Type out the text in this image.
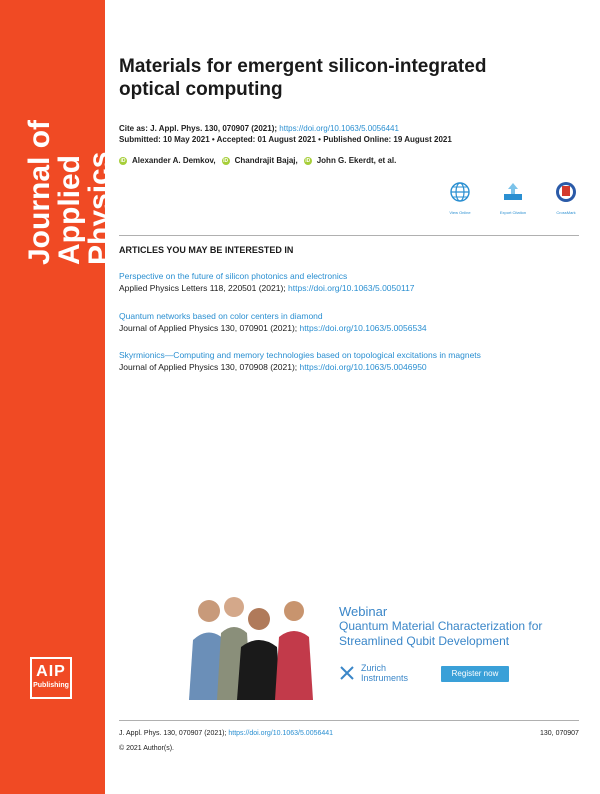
Journal of Applied Physics
AIP
Publishing
Materials for emergent silicon-integrated optical computing
Cite as: J. Appl. Phys. 130, 070907 (2021); https://doi.org/10.1063/5.0056441
Submitted: 10 May 2021 • Accepted: 01 August 2021 • Published Online: 19 August 2021
iD Alexander A. Demkov,	iD Chandrajit Bajaj,	iD John G. Ekerdt, et al.
View Online	Export Citation	CrossMark
ARTICLES YOU MAY BE INTERESTED IN
Perspective on the future of silicon photonics and electronics
Applied Physics Letters 118, 220501 (2021); https://doi.org/10.1063/5.0050117
Quantum networks based on color centers in diamond
Journal of Applied Physics 130, 070901 (2021); https://doi.org/10.1063/5.0056534
Skyrmionics—Computing and memory technologies based on topological excitations in magnets
Journal of Applied Physics 130, 070908 (2021); https://doi.org/10.1063/5.0046950
Webinar
Quantum Material Characterization for Streamlined Qubit Development
Zurich
Instruments	Register now
J. Appl. Phys. 130, 070907 (2021); https://doi.org/10.1063/5.0056441	130, 070907
© 2021 Author(s).
